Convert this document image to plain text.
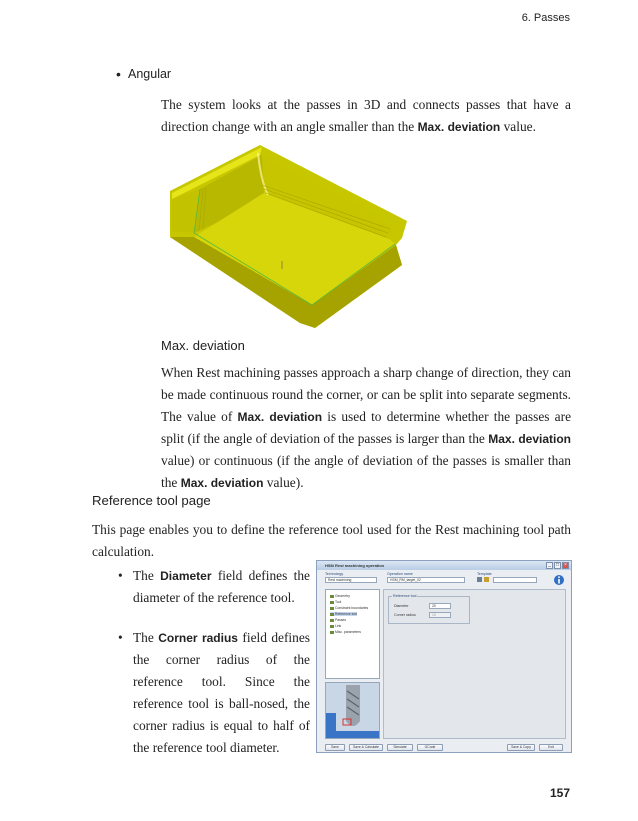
6. Passes
• Angular
The system looks at the passes in 3D and connects passes that have a direction change with an angle smaller than the Max. deviation value.
Max. deviation
When Rest machining passes approach a sharp change of direction, they can be made continuous round the corner, or can be split into separate segments. The value of Max. deviation is used to determine whether the passes are split (if the angle of deviation of the passes is larger than the Max. deviation value) or continuous (if the angle of deviation of the passes is smaller than the Max. deviation value).
Reference tool page
This page enables you to define the reference tool used for the Rest machining tool path calculation.
• The Diameter field defines the diameter of the reference tool.
• The Corner radius field defines the corner radius of the reference tool. Since the reference tool is ball-nosed, the corner radius is equal to half of the reference tool diameter.
HSM Rest machining operation	_	□	×
Technology
Rest machining
Operation name
HSM_RM_target_02
Template
Geometry
Tool
Constraint boundaries
Reference tool
Passes
Link
Misc. parameters
Reference tool
Diameter	20
Corner radius	10
Save	Save & Calculate	Simulate	GCode	Save & Copy	Exit
157
